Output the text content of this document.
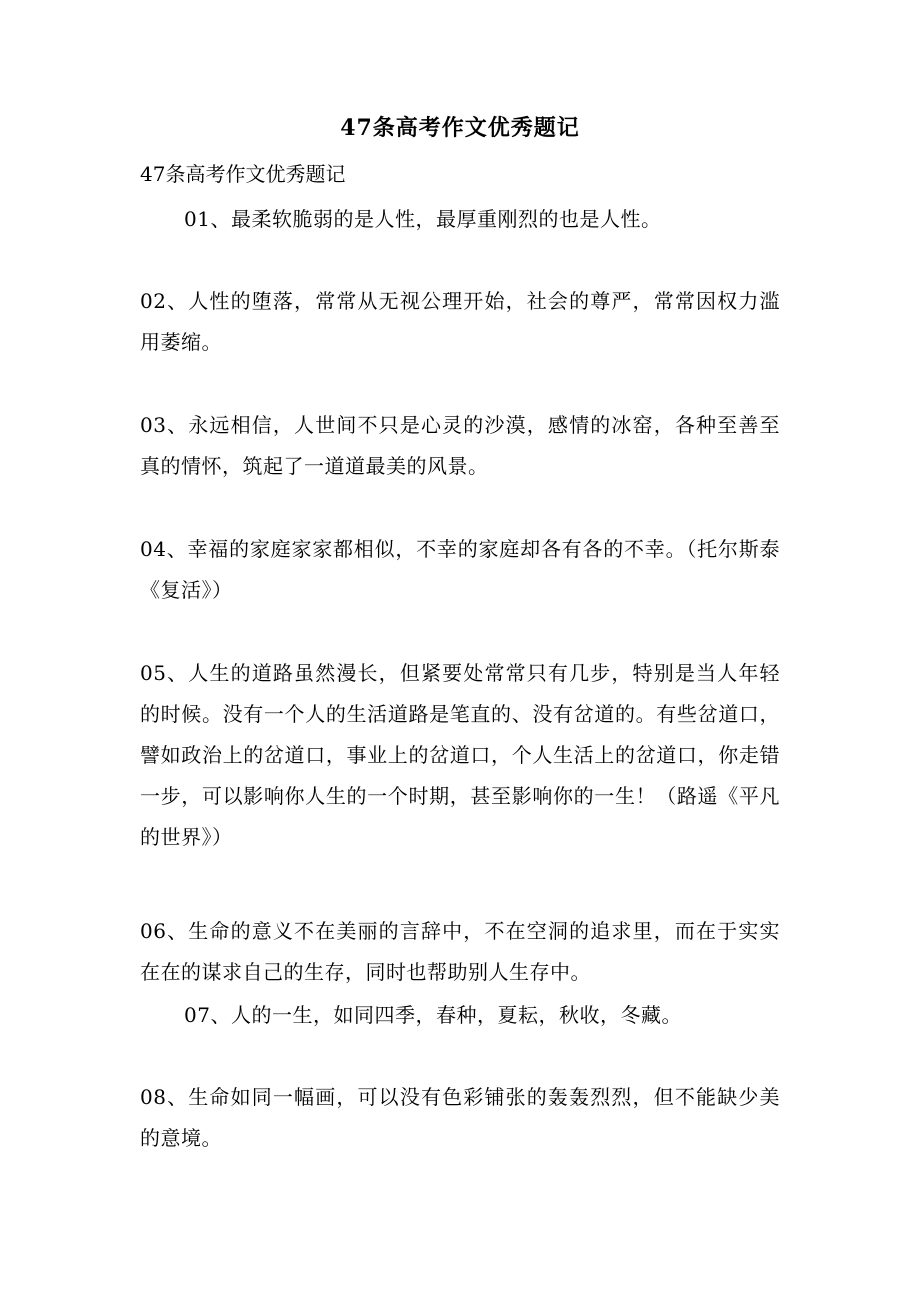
47条高考作文优秀题记
47条高考作文优秀题记

01、最柔软脆弱的是人性，最厚重刚烈的也是人性。

02、人性的堕落，常常从无视公理开始，社会的尊严，常常因权力滥用萎缩。

03、永远相信，人世间不只是心灵的沙漠，感情的冰窑，各种至善至真的情怀，筑起了一道道最美的风景。

04、幸福的家庭家家都相似，不幸的家庭却各有各的不幸。（托尔斯泰《复活》）

05、人生的道路虽然漫长，但紧要处常常只有几步，特别是当人年轻的时候。没有一个人的生活道路是笔直的、没有岔道的。有些岔道口，譬如政治上的岔道口，事业上的岔道口，个人生活上的岔道口，你走错一步，可以影响你人生的一个时期，甚至影响你的一生！（路遥《平凡的世界》）

06、生命的意义不在美丽的言辞中，不在空洞的追求里，而在于实实在在的谋求自己的生存，同时也帮助别人生存中。

07、人的一生，如同四季，春种，夏耘，秋收，冬藏。

08、生命如同一幅画，可以没有色彩铺张的轰轰烈烈，但不能缺少美的意境。
